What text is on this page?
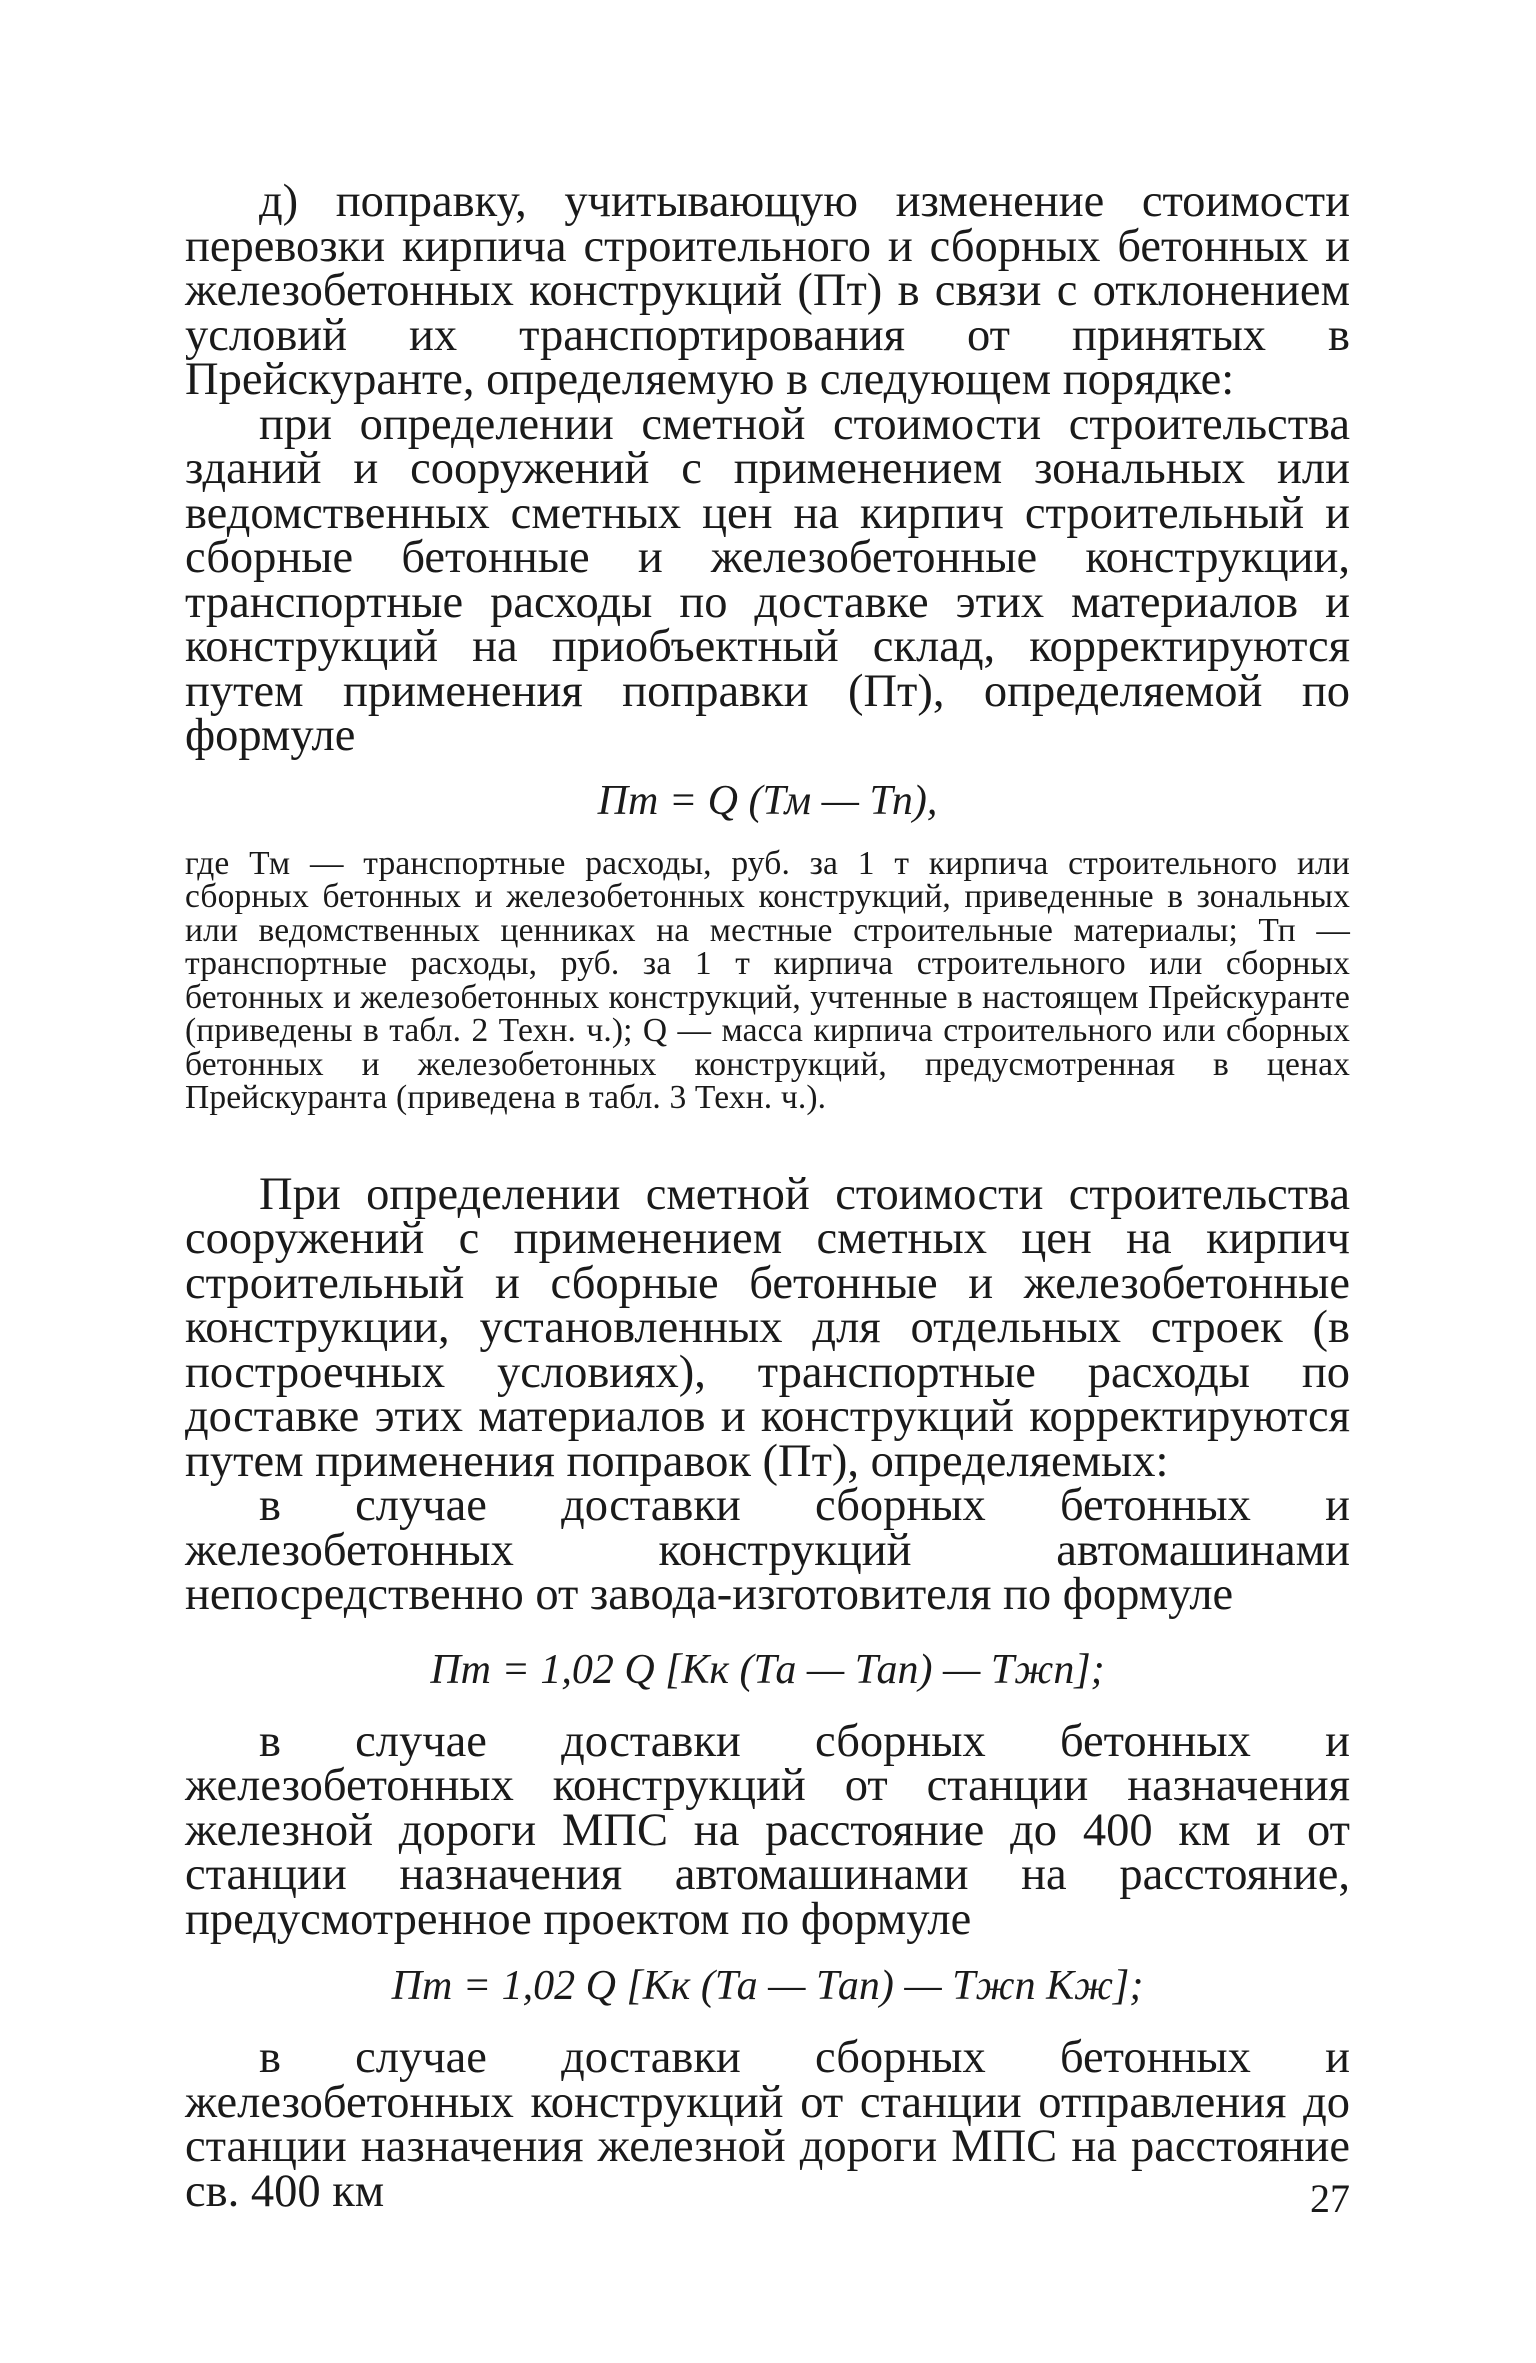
д) поправку, учитывающую изменение стоимости перевозки кирпича строительного и сборных бетонных и железобетонных конструкций (Пт) в связи с отклонением условий их транспортирования от принятых в Прейскуранте, определяемую в следующем порядке:

при определении сметной стоимости строительства зданий и сооружений с применением зональных или ведомственных сметных цен на кирпич строительный и сборные бетонные и железобетонные конструкции, транспортные расходы по доставке этих материалов и конструкций на приобъектный склад, корректируются путем применения поправки (Пт), определяемой по формуле

Пт = Q (Тм — Тп),

где Тм — транспортные расходы, руб. за 1 т кирпича строительного или сборных бетонных и железобетонных конструкций, приведенные в зональных или ведомственных ценниках на местные строительные материалы; Тп — транспортные расходы, руб. за 1 т кирпича строительного или сборных бетонных и железобетонных конструкций, учтенные в настоящем Прейскуранте (приведены в табл. 2 Техн. ч.); Q — масса кирпича строительного или сборных бетонных и железобетонных конструкций, предусмотренная в ценах Прейскуранта (приведена в табл. 3 Техн. ч.).

При определении сметной стоимости строительства сооружений с применением сметных цен на кирпич строительный и сборные бетонные и железобетонные конструкции, установленных для отдельных строек (в построечных условиях), транспортные расходы по доставке этих материалов и конструкций корректируются путем применения поправок (Пт), определяемых:

в случае доставки сборных бетонных и железобетонных конструкций автомашинами непосредственно от завода-изготовителя по формуле

Пт = 1,02 Q [Кк (Та — Тап) — Тжп];

в случае доставки сборных бетонных и железобетонных конструкций от станции назначения железной дороги МПС на расстояние до 400 км и от станции назначения автомашинами на расстояние, предусмотренное проектом по формуле

Пт = 1,02 Q [Кк (Та — Тап) — Тжп Кж];

в случае доставки сборных бетонных и железобетонных конструкций от станции отправления до станции назначения железной дороги МПС на расстояние св. 400 км	27
